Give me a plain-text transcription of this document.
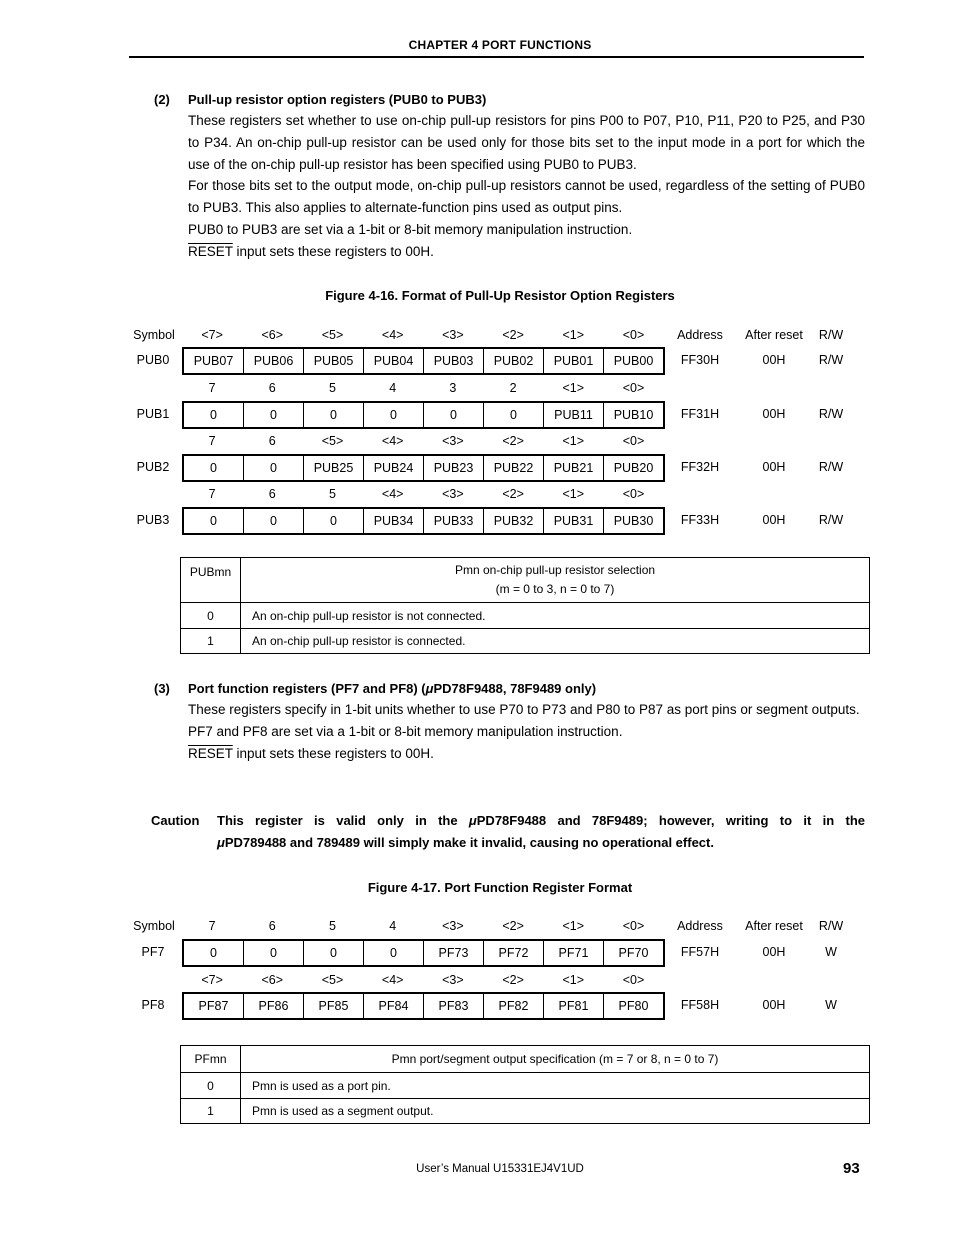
CHAPTER 4 PORT FUNCTIONS
(2) Pull-up resistor option registers (PUB0 to PUB3)

These registers set whether to use on-chip pull-up resistors for pins P00 to P07, P10, P11, P20 to P25, and P30 to P34. An on-chip pull-up resistor can be used only for those bits set to the input mode in a port for which the use of the on-chip pull-up resistor has been specified using PUB0 to PUB3.

For those bits set to the output mode, on-chip pull-up resistors cannot be used, regardless of the setting of PUB0 to PUB3. This also applies to alternate-function pins used as output pins.

PUB0 to PUB3 are set via a 1-bit or 8-bit memory manipulation instruction.

RESET input sets these registers to 00H.

Figure 4-16. Format of Pull-Up Resistor Option Registers
Symbol	<7>	<6>	<5>	<4>	<3>	<2>	<1>	<0>	Address	After reset	R/W
PUB0	PUB07	PUB06	PUB05	PUB04	PUB03	PUB02	PUB01	PUB00	FF30H	00H	R/W
7	6	5	4	3	2	<1>	<0>
PUB1	0	0	0	0	0	0	PUB11	PUB10	FF31H	00H	R/W
7	6	<5>	<4>	<3>	<2>	<1>	<0>
PUB2	0	0	PUB25	PUB24	PUB23	PUB22	PUB21	PUB20	FF32H	00H	R/W
7	6	5	<4>	<3>	<2>	<1>	<0>
PUB3	0	0	0	PUB34	PUB33	PUB32	PUB31	PUB30	FF33H	00H	R/W
PUBmn	Pmn on-chip pull-up resistor selection
(m = 0 to 3, n = 0 to 7)

0	An on-chip pull-up resistor is not connected.
1	An on-chip pull-up resistor is connected.
(3) Port function registers (PF7 and PF8) (μPD78F9488, 78F9489 only)

These registers specify in 1-bit units whether to use P70 to P73 and P80 to P87 as port pins or segment outputs.

PF7 and PF8 are set via a 1-bit or 8-bit memory manipulation instruction.

RESET input sets these registers to 00H.

Caution	This register is valid only in the μPD78F9488 and 78F9489; however, writing to it in the
μPD789488 and 789489 will simply make it invalid, causing no operational effect.
Figure 4-17. Port Function Register Format
Symbol	7	6	5	4	<3>	<2>	<1>	<0>	Address	After reset	R/W
PF7	0	0	0	0	PF73	PF72	PF71	PF70	FF57H	00H	W
<7>	<6>	<5>	<4>	<3>	<2>	<1>	<0>
PF8	PF87	PF86	PF85	PF84	PF83	PF82	PF81	PF80	FF58H	00H	W
PFmn	Pmn port/segment output specification (m = 7 or 8, n = 0 to 7)
0	Pmn is used as a port pin.
1	Pmn is used as a segment output.
User’s Manual U15331EJ4V1UD	93
